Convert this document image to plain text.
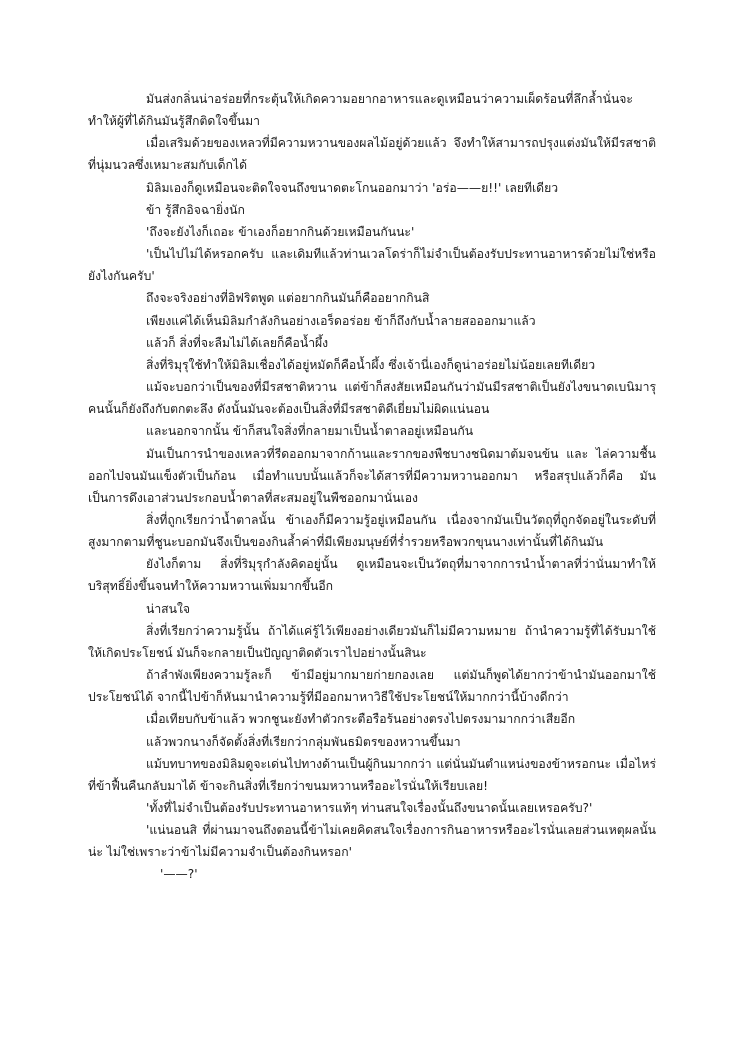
มันส่งกลิ่นน่าอร่อยที่กระตุ้นให้เกิดความอยากอาหารและดูเหมือนว่าความเผ็ดร้อนที่ลึกล้ำนั่นจะทำให้ผู้ที่ได้กินมันรู้สึกติดใจขึ้นมา

เมื่อเสริมด้วยของเหลวที่มีความหวานของผลไม้อยู่ด้วยแล้ว จึงทำให้สามารถปรุงแต่งมันให้มีรสชาติที่นุ่มนวลซึ่งเหมาะสมกับเด็กได้

มิลิมเองก็ดูเหมือนจะติดใจจนถึงขนาดตะโกนออกมาว่า 'อร่อ——ย!!' เลยทีเดียว

ข้า รู้สึกอิจฉายิ่งนัก

'ถึงจะยังไงก็เถอะ ข้าเองก็อยากกินด้วยเหมือนกันนะ'

'เป็นไปไม่ได้หรอกครับ และเดิมทีแล้วท่านเวลโดร่าก็ไม่จำเป็นต้องรับประทานอาหารด้วยไม่ใช่หรือยังไงกันครับ'

ถึงจะจริงอย่างที่อิฟริตพูด แต่อยากกินมันก็คืออยากกินสิ

เพียงแค่ได้เห็นมิลิมกำลังกินอย่างเอร็ดอร่อย ข้าก็ถึงกับน้ำลายสอออกมาแล้ว

แล้วก็ สิ่งที่จะลืมไม่ได้เลยก็คือน้ำผึ้ง

สิ่งที่ริมุรุใช้ทำให้มิลิมเชื่องได้อยู่หมัดก็คือน้ำผึ้ง ซึ่งเจ้านี่เองก็ดูน่าอร่อยไม่น้อยเลยทีเดียว

แม้จะบอกว่าเป็นของที่มีรสชาติหวาน แต่ข้าก็สงสัยเหมือนกันว่ามันมีรสชาติเป็นยังไงขนาดเบนิมารุคนนั้นก็ยังถึงกับตกตะลึง ดังนั้นมันจะต้องเป็นสิ่งที่มีรสชาติดีเยี่ยมไม่ผิดแน่นอน

และนอกจากนั้น ข้าก็สนใจสิ่งที่กลายมาเป็นน้ำตาลอยู่เหมือนกัน

มันเป็นการนำของเหลวที่รีดออกมาจากก้านและรากของพืชบางชนิดมาต้มจนข้น และ ไล่ความชื้นออกไปจนมันแข็งตัวเป็นก้อน เมื่อทำแบบนั้นแล้วก็จะได้สารที่มีความหวานออกมา หรือสรุปแล้วก็คือ มันเป็นการดึงเอาส่วนประกอบน้ำตาลที่สะสมอยู่ในพืชออกมานั่นเอง

สิ่งที่ถูกเรียกว่าน้ำตาลนั้น ข้าเองก็มีความรู้อยู่เหมือนกัน เนื่องจากมันเป็นวัตถุที่ถูกจัดอยู่ในระดับที่สูงมากตามที่ชูนะบอกมันจึงเป็นของกินล้ำค่าที่มีเพียงมนุษย์ที่ร่ำรวยหรือพวกขุนนางเท่านั้นที่ได้กินมัน

ยังไงก็ตาม สิ่งที่ริมุรุกำลังคิดอยู่นั้น ดูเหมือนจะเป็นวัตถุที่มาจากการนำน้ำตาลที่ว่านั่นมาทำให้บริสุทธิ์ยิ่งขึ้นจนทำให้ความหวานเพิ่มมากขึ้นอีก

น่าสนใจ

สิ่งที่เรียกว่าความรู้นั้น ถ้าได้แค่รู้ไว้เพียงอย่างเดียวมันก็ไม่มีความหมาย ถ้านำความรู้ที่ได้รับมาใช้ให้เกิดประโยชน์ มันก็จะกลายเป็นปัญญาติดตัวเราไปอย่างนั้นสินะ

ถ้าลำพังเพียงความรู้ละก็ ข้ามีอยู่มากมายก่ายกองเลย แต่มันก็พูดได้ยากว่าข้านำมันออกมาใช้ประโยชน์ได้ จากนี้ไปข้าก็หันมานำความรู้ที่มีออกมาหาวิธีใช้ประโยชน์ให้มากกว่านี้บ้างดีกว่า

เมื่อเทียบกับข้าแล้ว พวกชูนะยังทำตัวกระตือรือร้นอย่างตรงไปตรงมามากกว่าเสียอีก

แล้วพวกนางก็จัดตั้งสิ่งที่เรียกว่ากลุ่มพันธมิตรของหวานขึ้นมา

แม้บทบาทของมิลิมดูจะเด่นไปทางด้านเป็นผู้กินมากกว่า แต่นั่นมันตำแหน่งของข้าหรอกนะ เมื่อไหร่ที่ข้าฟื้นคืนกลับมาได้ ข้าจะกินสิ่งที่เรียกว่าขนมหวานหรืออะไรนั่นให้เรียบเลย!

'ทั้งที่ไม่จำเป็นต้องรับประทานอาหารแท้ๆ ท่านสนใจเรื่องนั้นถึงขนาดนั้นเลยเหรอครับ?'

'แน่นอนสิ ที่ผ่านมาจนถึงตอนนี้ข้าไม่เคยคิดสนใจเรื่องการกินอาหารหรืออะไรนั่นเลยส่วนเหตุผลนั้นน่ะ ไม่ใช่เพราะว่าข้าไม่มีความจำเป็นต้องกินหรอก'

'——?'
